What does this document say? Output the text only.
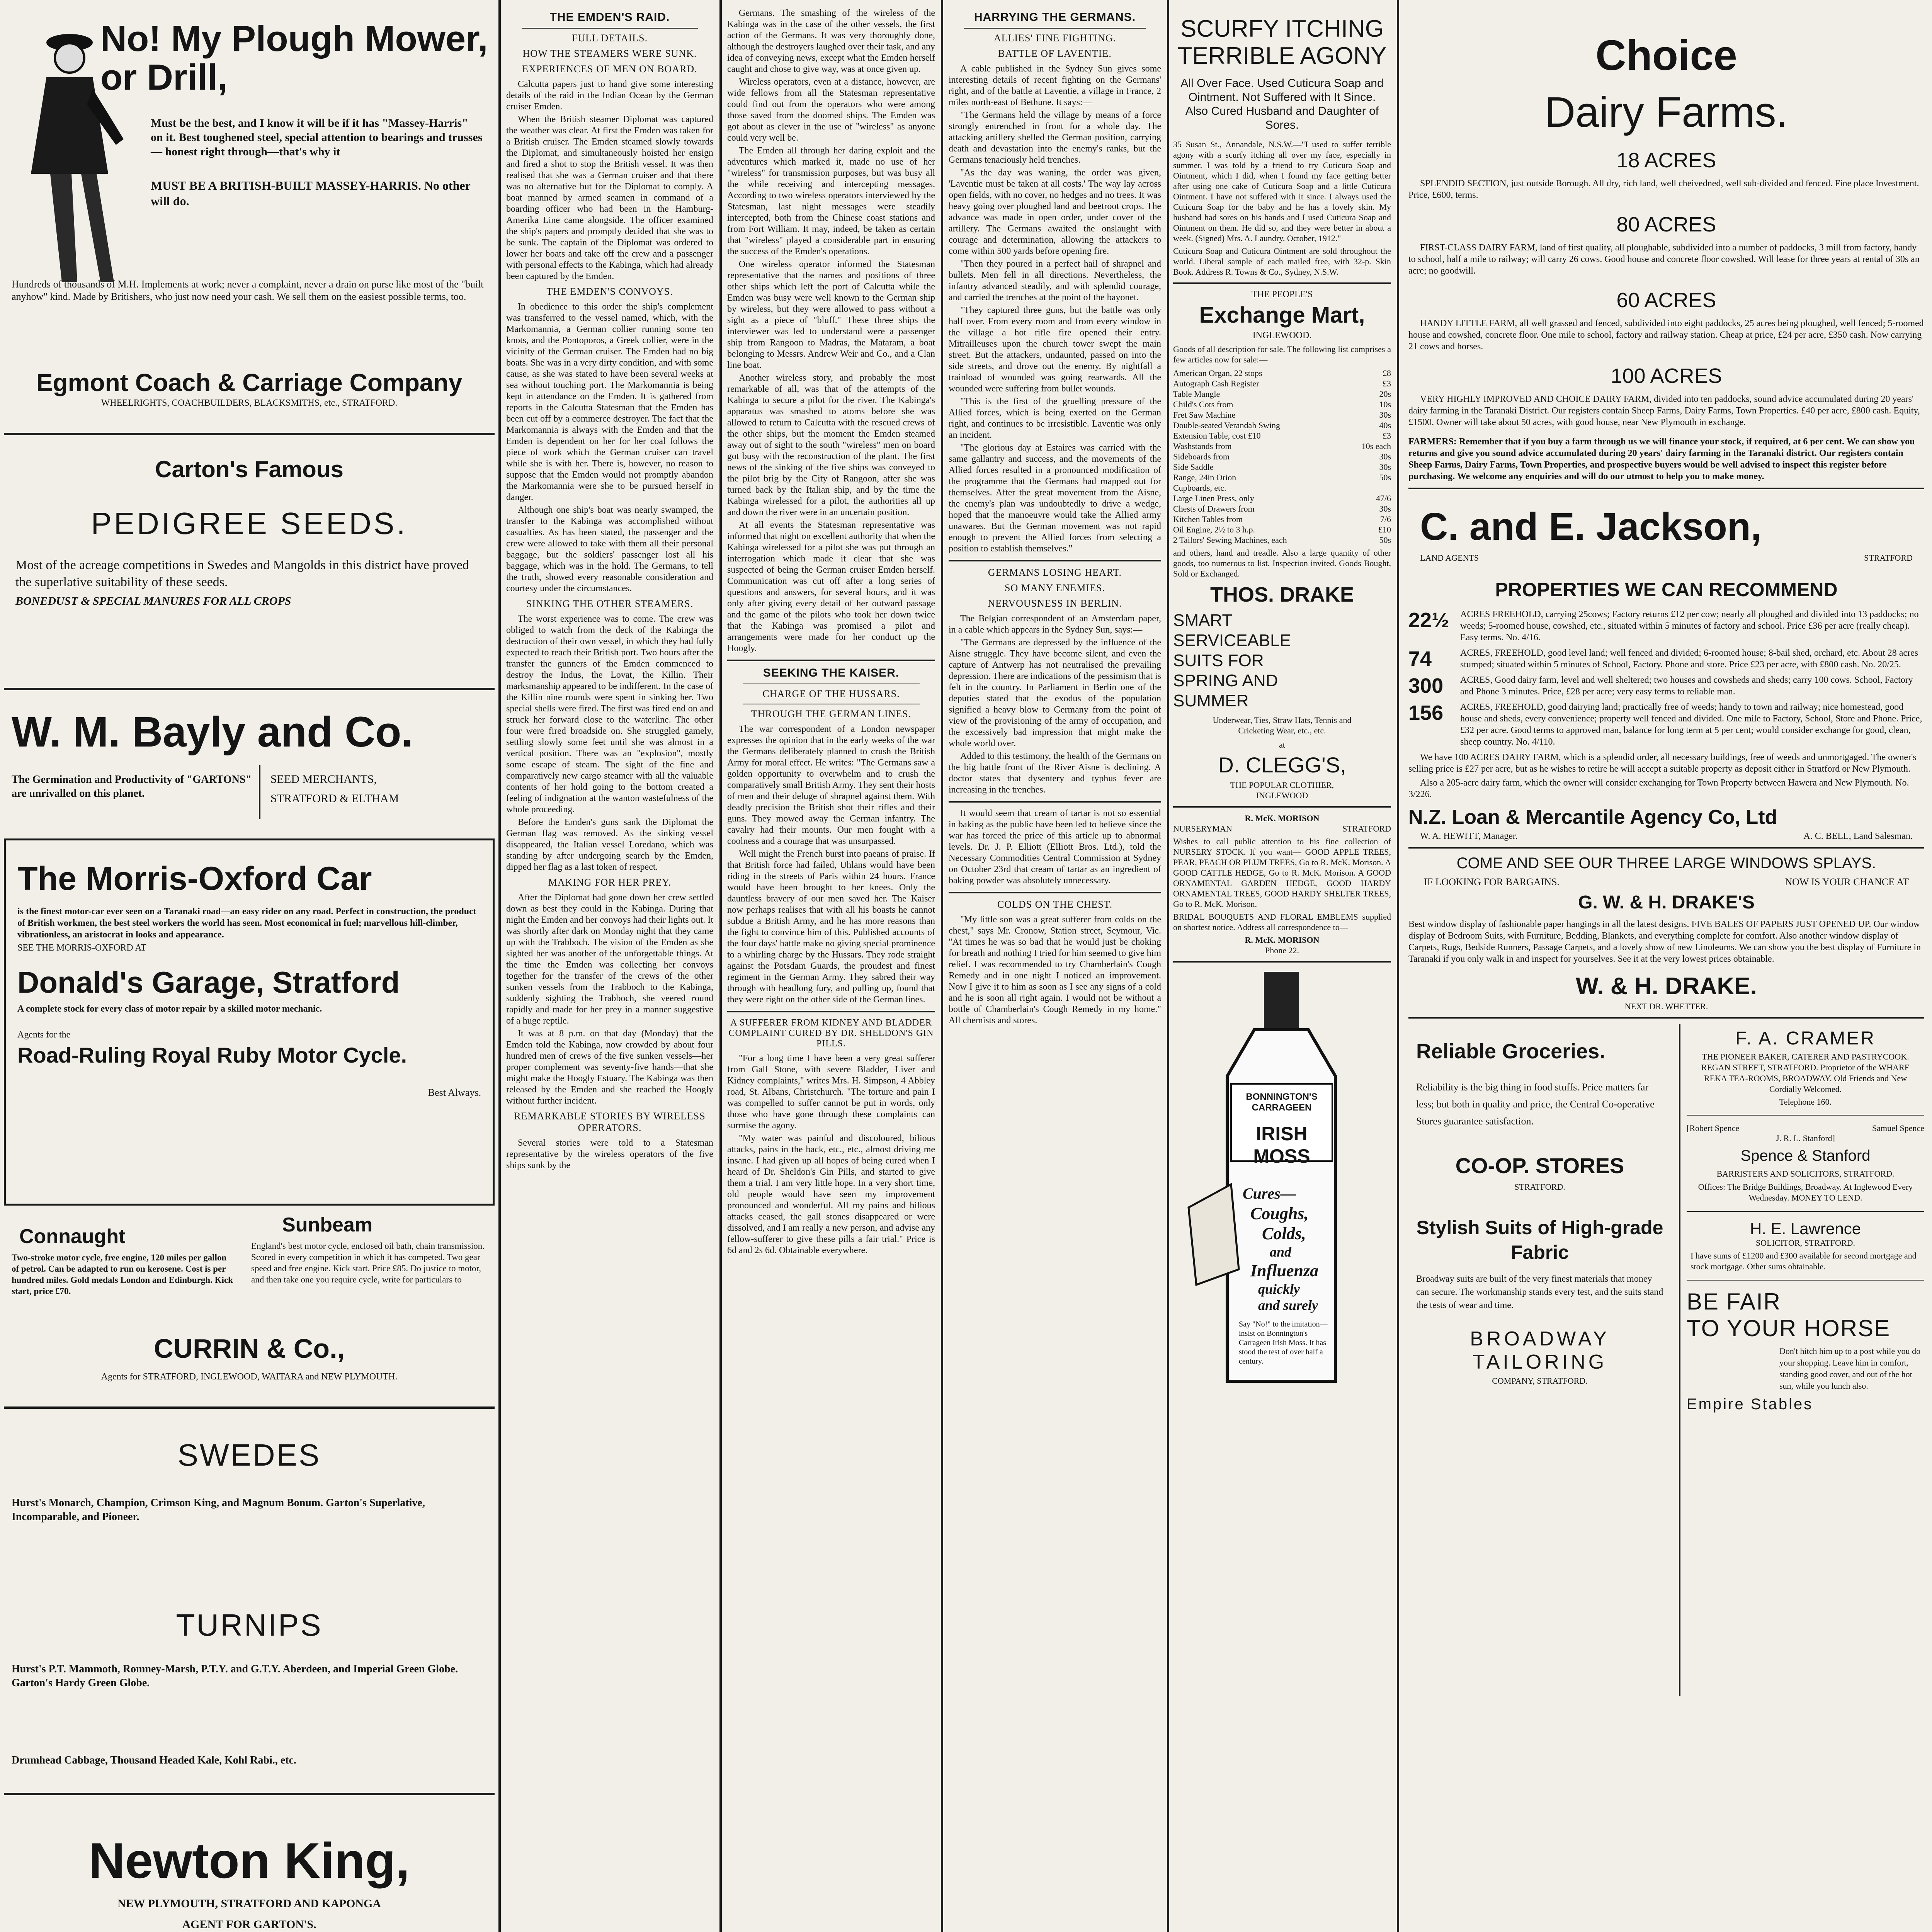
No! My Plough Mower,
or Drill,
Must be the best, and I know it will be if it has "Massey-Harris" on it. Best toughened steel, special attention to bearings and trusses — honest right through—that's why it
MUST BE A BRITISH-BUILT MASSEY-HARRIS. No other will do.
Hundreds of thousands of M.H. Implements at work; never a complaint, never a drain on purse like most of the "built anyhow" kind. Made by Britishers, who just now need your cash. We sell them on the easiest possible terms, too.
Egmont Coach & Carriage Company
WHEELRIGHTS, COACHBUILDERS, BLACKSMITHS, etc., STRATFORD.
Carton's Famous
PEDIGREE SEEDS.
Most of the acreage competitions in Swedes and Mangolds in this district have proved the superlative suitability of these seeds.
BONEDUST & SPECIAL MANURES FOR ALL CROPS
W. M. Bayly and Co.
The Germination and Productivity of "GARTONS" are unrivalled on this planet.
SEED MERCHANTS,
STRATFORD & ELTHAM
The Morris-Oxford Car
is the finest motor-car ever seen on a Taranaki road—an easy rider on any road. Perfect in construction, the product of British workmen, the best steel workers the world has seen. Most economical in fuel; marvellous hill-climber, vibrationless, an aristocrat in looks and appearance.
SEE THE MORRIS-OXFORD AT
Donald's Garage, Stratford
A complete stock for every class of motor repair by a skilled motor mechanic.
Agents for the
Road-Ruling Royal Ruby Motor Cycle.
Best Always.
Connaught
Two-stroke motor cycle, free engine, 120 miles per gallon of petrol. Can be adapted to run on kerosene. Cost is per hundred miles. Gold medals London and Edinburgh. Kick start, price £70.
Sunbeam
England's best motor cycle, enclosed oil bath, chain transmission. Scored in every competition in which it has competed. Two gear speed and free engine. Kick start. Price £85. Do justice to motor, and then take one you require cycle, write for particulars to
CURRIN & Co.,
Agents for STRATFORD, INGLEWOOD, WAITARA and NEW PLYMOUTH.
SWEDES
Hurst's Monarch, Champion, Crimson King, and Magnum Bonum. Garton's Superlative, Incomparable, and Pioneer.
TURNIPS
Hurst's P.T. Mammoth, Romney-Marsh, P.T.Y. and G.T.Y. Aberdeen, and Imperial Green Globe. Garton's Hardy Green Globe.
Drumhead Cabbage, Thousand Headed Kale, Kohl Rabi., etc.
Newton King,
NEW PLYMOUTH, STRATFORD AND KAPONGA
AGENT FOR GARTON'S.
THE EMDEN'S RAID.
FULL DETAILS.
HOW THE STEAMERS WERE SUNK.
EXPERIENCES OF MEN ON BOARD.

Calcutta papers just to hand give some interesting details of the raid in the Indian Ocean by the German cruiser Emden.

When the British steamer Diplomat was captured the weather was clear. At first the Emden was taken for a British cruiser. The Emden steamed slowly towards the Diplomat, and simultaneously hoisted her ensign and fired a shot to stop the British vessel. It was then realised that she was a German cruiser and that there was no alternative but for the Diplomat to comply. A boat manned by armed seamen in command of a boarding officer who had been in the Hamburg-Amerika Line came alongside. The officer examined the ship's papers and promptly decided that she was to be sunk. The captain of the Diplomat was ordered to lower her boats and take off the crew and a passenger with personal effects to the Kabinga, which had already been captured by the Emden.

THE EMDEN'S CONVOYS.

In obedience to this order the ship's complement was transferred to the vessel named, which, with the Markomannia, a German collier running some ten knots, and the Pontoporos, a Greek collier, were in the vicinity of the German cruiser. The Emden had no big boats. She was in a very dirty condition, and with some cause, as she was stated to have been several weeks at sea without touching port. The Markomannia is being kept in attendance on the Emden. It is gathered from reports in the Calcutta Statesman that the Emden has been cut off by a commerce destroyer. The fact that the Markomannia is always with the Emden and that the Emden is dependent on her for her coal follows the piece of work which the German cruiser can travel while she is with her. There is, however, no reason to suppose that the Emden would not promptly abandon the Markomannia were she to be pursued herself in danger.

Although one ship's boat was nearly swamped, the transfer to the Kabinga was accomplished without casualties. As has been stated, the passenger and the crew were allowed to take with them all their personal baggage, but the soldiers' passenger lost all his baggage, which was in the hold. The Germans, to tell the truth, showed every reasonable consideration and courtesy under the circumstances.

SINKING THE OTHER STEAMERS.

The worst experience was to come. The crew was obliged to watch from the deck of the Kabinga the destruction of their own vessel, in which they had fully expected to reach their British port. Two hours after the transfer the gunners of the Emden commenced to destroy the Indus, the Lovat, the Killin. Their marksmanship appeared to be indifferent. In the case of the Killin nine rounds were spent in sinking her. Two special shells were fired. The first was fired end on and struck her forward close to the waterline. The other four were fired broadside on. She struggled gamely, settling slowly some feet until she was almost in a vertical position. There was an "explosion", mostly some escape of steam. The sight of the fine and comparatively new cargo steamer with all the valuable contents of her hold going to the bottom created a feeling of indignation at the wanton wastefulness of the whole proceeding.

Before the Emden's guns sank the Diplomat the German flag was removed. As the sinking vessel disappeared, the Italian vessel Loredano, which was standing by after undergoing search by the Emden, dipped her flag as a last token of respect.

MAKING FOR HER PREY.

After the Diplomat had gone down her crew settled down as best they could in the Kabinga. During that night the Emden and her convoys had their lights out. It was shortly after dark on Monday night that they came up with the Trabboch. The vision of the Emden as she sighted her was another of the unforgettable things. At the time the Emden was collecting her convoys together for the transfer of the crews of the other sunken vessels from the Trabboch to the Kabinga, suddenly sighting the Trabboch, she veered round rapidly and made for her prey in a manner suggestive of a huge reptile.

It was at 8 p.m. on that day (Monday) that the Emden told the Kabinga, now crowded by about four hundred men of crews of the five sunken vessels—her proper complement was seventy-five hands—that she might make the Hoogly Estuary. The Kabinga was then released by the Emden and she reached the Hoogly without further incident.

REMARKABLE STORIES BY WIRELESS OPERATORS.

Several stories were told to a Statesman representative by the wireless operators of the five ships sunk by the

Germans. The smashing of the wireless of the Kabinga was in the case of the other vessels, the first action of the Germans. It was very thoroughly done, although the destroyers laughed over their task, and any idea of conveying news, except what the Emden herself caught and chose to give way, was at once given up.

Wireless operators, even at a distance, however, are wide fellows from all the Statesman representative could find out from the operators who were among those saved from the doomed ships. The Emden was got about as clever in the use of "wireless" as anyone could very well be.

The Emden all through her daring exploit and the adventures which marked it, made no use of her "wireless" for transmission purposes, but was busy all the while receiving and intercepting messages. According to two wireless operators interviewed by the Statesman, last night messages were steadily intercepted, both from the Chinese coast stations and from Fort William. It may, indeed, be taken as certain that "wireless" played a considerable part in ensuring the success of the Emden's operations.

One wireless operator informed the Statesman representative that the names and positions of three other ships which left the port of Calcutta while the Emden was busy were well known to the German ship by wireless, but they were allowed to pass without a sight as a piece of "bluff." These three ships the interviewer was led to understand were a passenger ship from Rangoon to Madras, the Mataram, a boat belonging to Messrs. Andrew Weir and Co., and a Clan line boat.

Another wireless story, and probably the most remarkable of all, was that of the attempts of the Kabinga to secure a pilot for the river. The Kabinga's apparatus was smashed to atoms before she was allowed to return to Calcutta with the rescued crews of the other ships, but the moment the Emden steamed away out of sight to the south "wireless" men on board got busy with the reconstruction of the plant. The first news of the sinking of the five ships was conveyed to the pilot brig by the City of Rangoon, after she was turned back by the Italian ship, and by the time the Kabinga wirelessed for a pilot, the authorities all up and down the river were in an uncertain position.

At all events the Statesman representative was informed that night on excellent authority that when the Kabinga wirelessed for a pilot she was put through an interrogation which made it clear that she was suspected of being the German cruiser Emden herself. Communication was cut off after a long series of questions and answers, for several hours, and it was only after giving every detail of her outward passage and the game of the pilots who took her down twice that the Kabinga was promised a pilot and arrangements were made for her conduct up the Hoogly.

SEEKING THE KAISER.
CHARGE OF THE HUSSARS.
THROUGH THE GERMAN LINES.

The war correspondent of a London newspaper expresses the opinion that in the early weeks of the war the Germans deliberately planned to crush the British Army for moral effect. He writes: "The Germans saw a golden opportunity to overwhelm and to crush the comparatively small British Army. They sent their hosts of men and their deluge of shrapnel against them. With deadly precision the British shot their rifles and their guns. They mowed away the German infantry. The cavalry had their mounts. Our men fought with a coolness and a courage that was unsurpassed.

Well might the French burst into paeans of praise. If that British force had failed, Uhlans would have been riding in the streets of Paris within 24 hours. France would have been brought to her knees. Only the dauntless bravery of our men saved her. The Kaiser now perhaps realises that with all his boasts he cannot subdue a British Army, and he has more reasons than the fight to convince him of this. Published accounts of the four days' battle make no giving special prominence to a whirling charge by the Hussars. They rode straight against the Potsdam Guards, the proudest and finest regiment in the German Army. They sabred their way through with headlong fury, and pulling up, found that they were right on the other side of the German lines.

A SUFFERER FROM KIDNEY AND BLADDER COMPLAINT CURED BY DR. SHELDON'S GIN PILLS.

"For a long time I have been a very great sufferer from Gall Stone, with severe Bladder, Liver and Kidney complaints," writes Mrs. H. Simpson, 4 Abbley road, St. Albans, Christchurch. "The torture and pain I was compelled to suffer cannot be put in words, only those who have gone through these complaints can surmise the agony.

"My water was painful and discoloured, bilious attacks, pains in the back, etc., etc., almost driving me insane. I had given up all hopes of being cured when I heard of Dr. Sheldon's Gin Pills, and started to give them a trial. I am very little hope. In a very short time, old people would have seen my improvement pronounced and wonderful. All my pains and bilious attacks ceased, the gall stones disappeared or were dissolved, and I am really a new person, and advise any fellow-sufferer to give these pills a fair trial." Price is 6d and 2s 6d. Obtainable everywhere.

HARRYING THE GERMANS.
ALLIES' FINE FIGHTING.
BATTLE OF LAVENTIE.

A cable published in the Sydney Sun gives some interesting details of recent fighting on the Germans' right, and of the battle at Laventie, a village in France, 2 miles north-east of Bethune. It says:—

"The Germans held the village by means of a force strongly entrenched in front for a whole day. The attacking artillery shelled the German position, carrying death and devastation into the enemy's ranks, but the Germans tenaciously held trenches.

"As the day was waning, the order was given, 'Laventie must be taken at all costs.' The way lay across open fields, with no cover, no hedges and no trees. It was heavy going over ploughed land and beetroot crops. The advance was made in open order, under cover of the artillery. The Germans awaited the onslaught with courage and determination, allowing the attackers to come within 500 yards before opening fire.

"Then they poured in a perfect hail of shrapnel and bullets. Men fell in all directions. Nevertheless, the infantry advanced steadily, and with splendid courage, and carried the trenches at the point of the bayonet.

"They captured three guns, but the battle was only half over. From every room and from every window in the village a hot rifle fire opened their entry. Mitrailleuses upon the church tower swept the main street. But the attackers, undaunted, passed on into the side streets, and drove out the enemy. By nightfall a trainload of wounded was going rearwards. All the wounded were suffering from bullet wounds.

"This is the first of the gruelling pressure of the Allied forces, which is being exerted on the German right, and continues to be irresistible. Laventie was only an incident.

"The glorious day at Estaires was carried with the same gallantry and success, and the movements of the Allied forces resulted in a pronounced modification of the programme that the Germans had mapped out for themselves. After the great movement from the Aisne, the enemy's plan was undoubtedly to drive a wedge, hoped that the manoeuvre would take the Allied army unawares. But the German movement was not rapid enough to prevent the Allied forces from selecting a position to establish themselves."

GERMANS LOSING HEART.
SO MANY ENEMIES.
NERVOUSNESS IN BERLIN.

The Belgian correspondent of an Amsterdam paper, in a cable which appears in the Sydney Sun, says:—

"The Germans are depressed by the influence of the Aisne struggle. They have become silent, and even the capture of Antwerp has not neutralised the prevailing depression. There are indications of the pessimism that is felt in the country. In Parliament in Berlin one of the deputies stated that the exodus of the population signified a heavy blow to Germany from the point of view of the provisioning of the army of occupation, and the excessively bad impression that might make the whole world over.

Added to this testimony, the health of the Germans on the big battle front of the River Aisne is declining. A doctor states that dysentery and typhus fever are increasing in the trenches.

It would seem that cream of tartar is not so essential in baking as the public have been led to believe since the war has forced the price of this article up to abnormal levels. Dr. J. P. Elliott (Elliott Bros. Ltd.), told the Necessary Commodities Central Commission at Sydney on October 23rd that cream of tartar as an ingredient of baking powder was absolutely unnecessary.

COLDS ON THE CHEST.

"My little son was a great sufferer from colds on the chest," says Mr. Cronow, Station street, Seymour, Vic. "At times he was so bad that he would just be choking for breath and nothing I tried for him seemed to give him relief. I was recommended to try Chamberlain's Cough Remedy and in one night I noticed an improvement. Now I give it to him as soon as I see any signs of a cold and he is soon all right again. I would not be without a bottle of Chamberlain's Cough Remedy in my home." All chemists and stores.

SCURFY ITCHING
TERRIBLE AGONY
All Over Face. Used Cuticura Soap and Ointment. Not Suffered with It Since. Also Cured Husband and Daughter of Sores.
35 Susan St., Annandale, N.S.W.—"I used to suffer terrible agony with a scurfy itching all over my face, especially in summer. I was told by a friend to try Cuticura Soap and Ointment, which I did, when I found my face getting better after using one cake of Cuticura Soap and a little Cuticura Ointment. I have not suffered with it since. I always used the Cuticura Soap for the baby and he has a lovely skin. My husband had sores on his hands and I used Cuticura Soap and Ointment on them. He did so, and they were better in about a week. (Signed) Mrs. A. Laundry. October, 1912."
Cuticura Soap and Cuticura Ointment are sold throughout the world. Liberal sample of each mailed free, with 32-p. Skin Book. Address R. Towns & Co., Sydney, N.S.W.
THE PEOPLE'S
Exchange Mart,
INGLEWOOD.
Goods of all description for sale. The following list comprises a few articles now for sale:—
American Organ, 22 stops	£8
Autograph Cash Register	£3
Table Mangle	20s
Child's Cots from	10s
Fret Saw Machine	30s
Double-seated Verandah Swing	40s
Extension Table, cost £10	£3
Washstands from	10s each
Sideboards from	30s
Side Saddle	30s
Range, 24in Orion	50s
Cupboards, etc.
Large Linen Press, only	47/6
Chests of Drawers from	30s
Kitchen Tables from	7/6
Oil Engine, 2½ to 3 h.p.	£10
2 Tailors' Sewing Machines, each	50s
and others, hand and treadle. Also a large quantity of other goods, too numerous to list. Inspection invited. Goods Bought, Sold or Exchanged.
THOS. DRAKE
SMART
SERVICEABLE
SUITS FOR
SPRING AND
SUMMER
Underwear, Ties, Straw Hats, Tennis and Cricketing Wear, etc., etc.
at
D. CLEGG'S,
THE POPULAR CLOTHIER,
INGLEWOOD
R. McK. MORISON
NURSERYMAN	STRATFORD
Wishes to call public attention to his fine collection of NURSERY STOCK. If you want— GOOD APPLE TREES, PEAR, PEACH OR PLUM TREES, Go to R. McK. Morison. A GOOD CATTLE HEDGE, Go to R. McK. Morison. A GOOD ORNAMENTAL GARDEN HEDGE, GOOD HARDY ORNAMENTAL TREES, GOOD HARDY SHELTER TREES, Go to R. McK. Morison.
BRIDAL BOUQUETS AND FLORAL EMBLEMS supplied on shortest notice. Address all correspondence to—
R. McK. MORISON
Phone 22.
BONNINGTON'S CARRAGEEN
IRISH MOSS
Cures—
Coughs,
Colds,
and
Influenza
quickly
and surely
Say "No!" to the imitation—insist on Bonnington's Carrageen Irish Moss. It has stood the test of over half a century.
Choice
Dairy Farms.
18 ACRES
SPLENDID SECTION, just outside Borough. All dry, rich land, well cheivedned, well sub-divided and fenced. Fine place Investment. Price, £600, terms.
80 ACRES
FIRST-CLASS DAIRY FARM, land of first quality, all ploughable, subdivided into a number of paddocks, 3 mill from factory, handy to school, half a mile to railway; will carry 26 cows. Good house and concrete floor cowshed. Will lease for three years at rental of 30s an acre; no goodwill.
60 ACRES
HANDY LITTLE FARM, all well grassed and fenced, subdivided into eight paddocks, 25 acres being ploughed, well fenced; 5-roomed house and cowshed, concrete floor. One mile to school, factory and railway station. Cheap at price, £24 per acre, £350 cash. Now carrying 21 cows and horses.
100 ACRES
VERY HIGHLY IMPROVED AND CHOICE DAIRY FARM, divided into ten paddocks, sound advice accumulated during 20 years' dairy farming in the Taranaki District. Our registers contain Sheep Farms, Dairy Farms, Town Properties. £40 per acre, £800 cash. Equity, £1500. Owner will take about 50 acres, with good house, near New Plymouth in exchange.
FARMERS: Remember that if you buy a farm through us we will finance your stock, if required, at 6 per cent. We can show you returns and give you sound advice accumulated during 20 years' dairy farming in the Taranaki district. Our registers contain Sheep Farms, Dairy Farms, Town Properties, and prospective buyers would be well advised to inspect this register before purchasing. We welcome any enquiries and will do our utmost to help you to make money.
C. and E. Jackson,
LAND AGENTS	STRATFORD
PROPERTIES WE CAN RECOMMEND
22½	ACRES FREEHOLD, carrying 25cows; Factory returns £12 per cow; nearly all ploughed and divided into 13 paddocks; no weeds; 5-roomed house, cowshed, etc., situated within 5 minutes of factory and school. Price £36 per acre (really cheap). Easy terms. No. 4/16.
74	ACRES, FREEHOLD, good level land; well fenced and divided; 6-roomed house; 8-bail shed, orchard, etc. About 28 acres stumped; situated within 5 minutes of School, Factory. Phone and store. Price £23 per acre, with £800 cash. No. 20/25.
300	ACRES, Good dairy farm, level and well sheltered; two houses and cowsheds and sheds; carry 100 cows. School, Factory and Phone 3 minutes. Price, £28 per acre; very easy terms to reliable man.
156	ACRES, FREEHOLD, good dairying land; practically free of weeds; handy to town and railway; nice homestead, good house and sheds, every convenience; property well fenced and divided. One mile to Factory, School, Store and Phone. Price, £32 per acre. Good terms to approved man, balance for long term at 5 per cent; would consider exchange for good, clean, sheep country. No. 4/110.
We have 100 ACRES DAIRY FARM, which is a splendid order, all necessary buildings, free of weeds and unmortgaged. The owner's selling price is £27 per acre, but as he wishes to retire he will accept a suitable property as deposit either in Stratford or New Plymouth.
Also a 205-acre dairy farm, which the owner will consider exchanging for Town Property between Hawera and New Plymouth. No. 3/226.
N.Z. Loan & Mercantile Agency Co, Ltd
W. A. HEWITT, Manager.	A. C. BELL, Land Salesman.
COME AND SEE OUR THREE LARGE WINDOWS SPLAYS.
IF LOOKING FOR BARGAINS.	NOW IS YOUR CHANCE AT
G. W. & H. DRAKE'S
Best window display of fashionable paper hangings in all the latest designs. FIVE BALES OF PAPERS JUST OPENED UP. Our window display of Bedroom Suits, with Furniture, Bedding, Blankets, and everything complete for comfort. Also another window display of Carpets, Rugs, Bedside Runners, Passage Carpets, and a lovely show of new Linoleums. We can show you the best display of Furniture in Taranaki if you only walk in and inspect for yourselves. See it at the very lowest prices obtainable.
W. & H. DRAKE.
NEXT DR. WHETTER.
Reliable Groceries.
Reliability is the big thing in food stuffs. Price matters far less; but both in quality and price, the Central Co-operative Stores guarantee satisfaction.
CO-OP. STORES
STRATFORD.
Stylish Suits of High-grade Fabric
Broadway suits are built of the very finest materials that money can secure. The workmanship stands every test, and the suits stand the tests of wear and time.
BROADWAY
TAILORING
COMPANY, STRATFORD.
F. A. CRAMER
THE PIONEER BAKER, CATERER AND PASTRYCOOK. REGAN STREET, STRATFORD. Proprietor of the WHARE REKA TEA-ROOMS, BROADWAY. Old Friends and New Cordially Welcomed.
Telephone 160.
[Robert Spence	Samuel Spence
J. R. L. Stanford]
Spence & Stanford
BARRISTERS AND SOLICITORS, STRATFORD.
Offices: The Bridge Buildings, Broadway. At Inglewood Every Wednesday. MONEY TO LEND.
H. E. Lawrence
SOLICITOR, STRATFORD.
I have sums of £1200 and £300 available for second mortgage and stock mortgage. Other sums obtainable.
BE FAIR
TO YOUR HORSE
Don't hitch him up to a post while you do your shopping. Leave him in comfort, standing good cover, and out of the hot sun, while you lunch also.
Empire Stables
